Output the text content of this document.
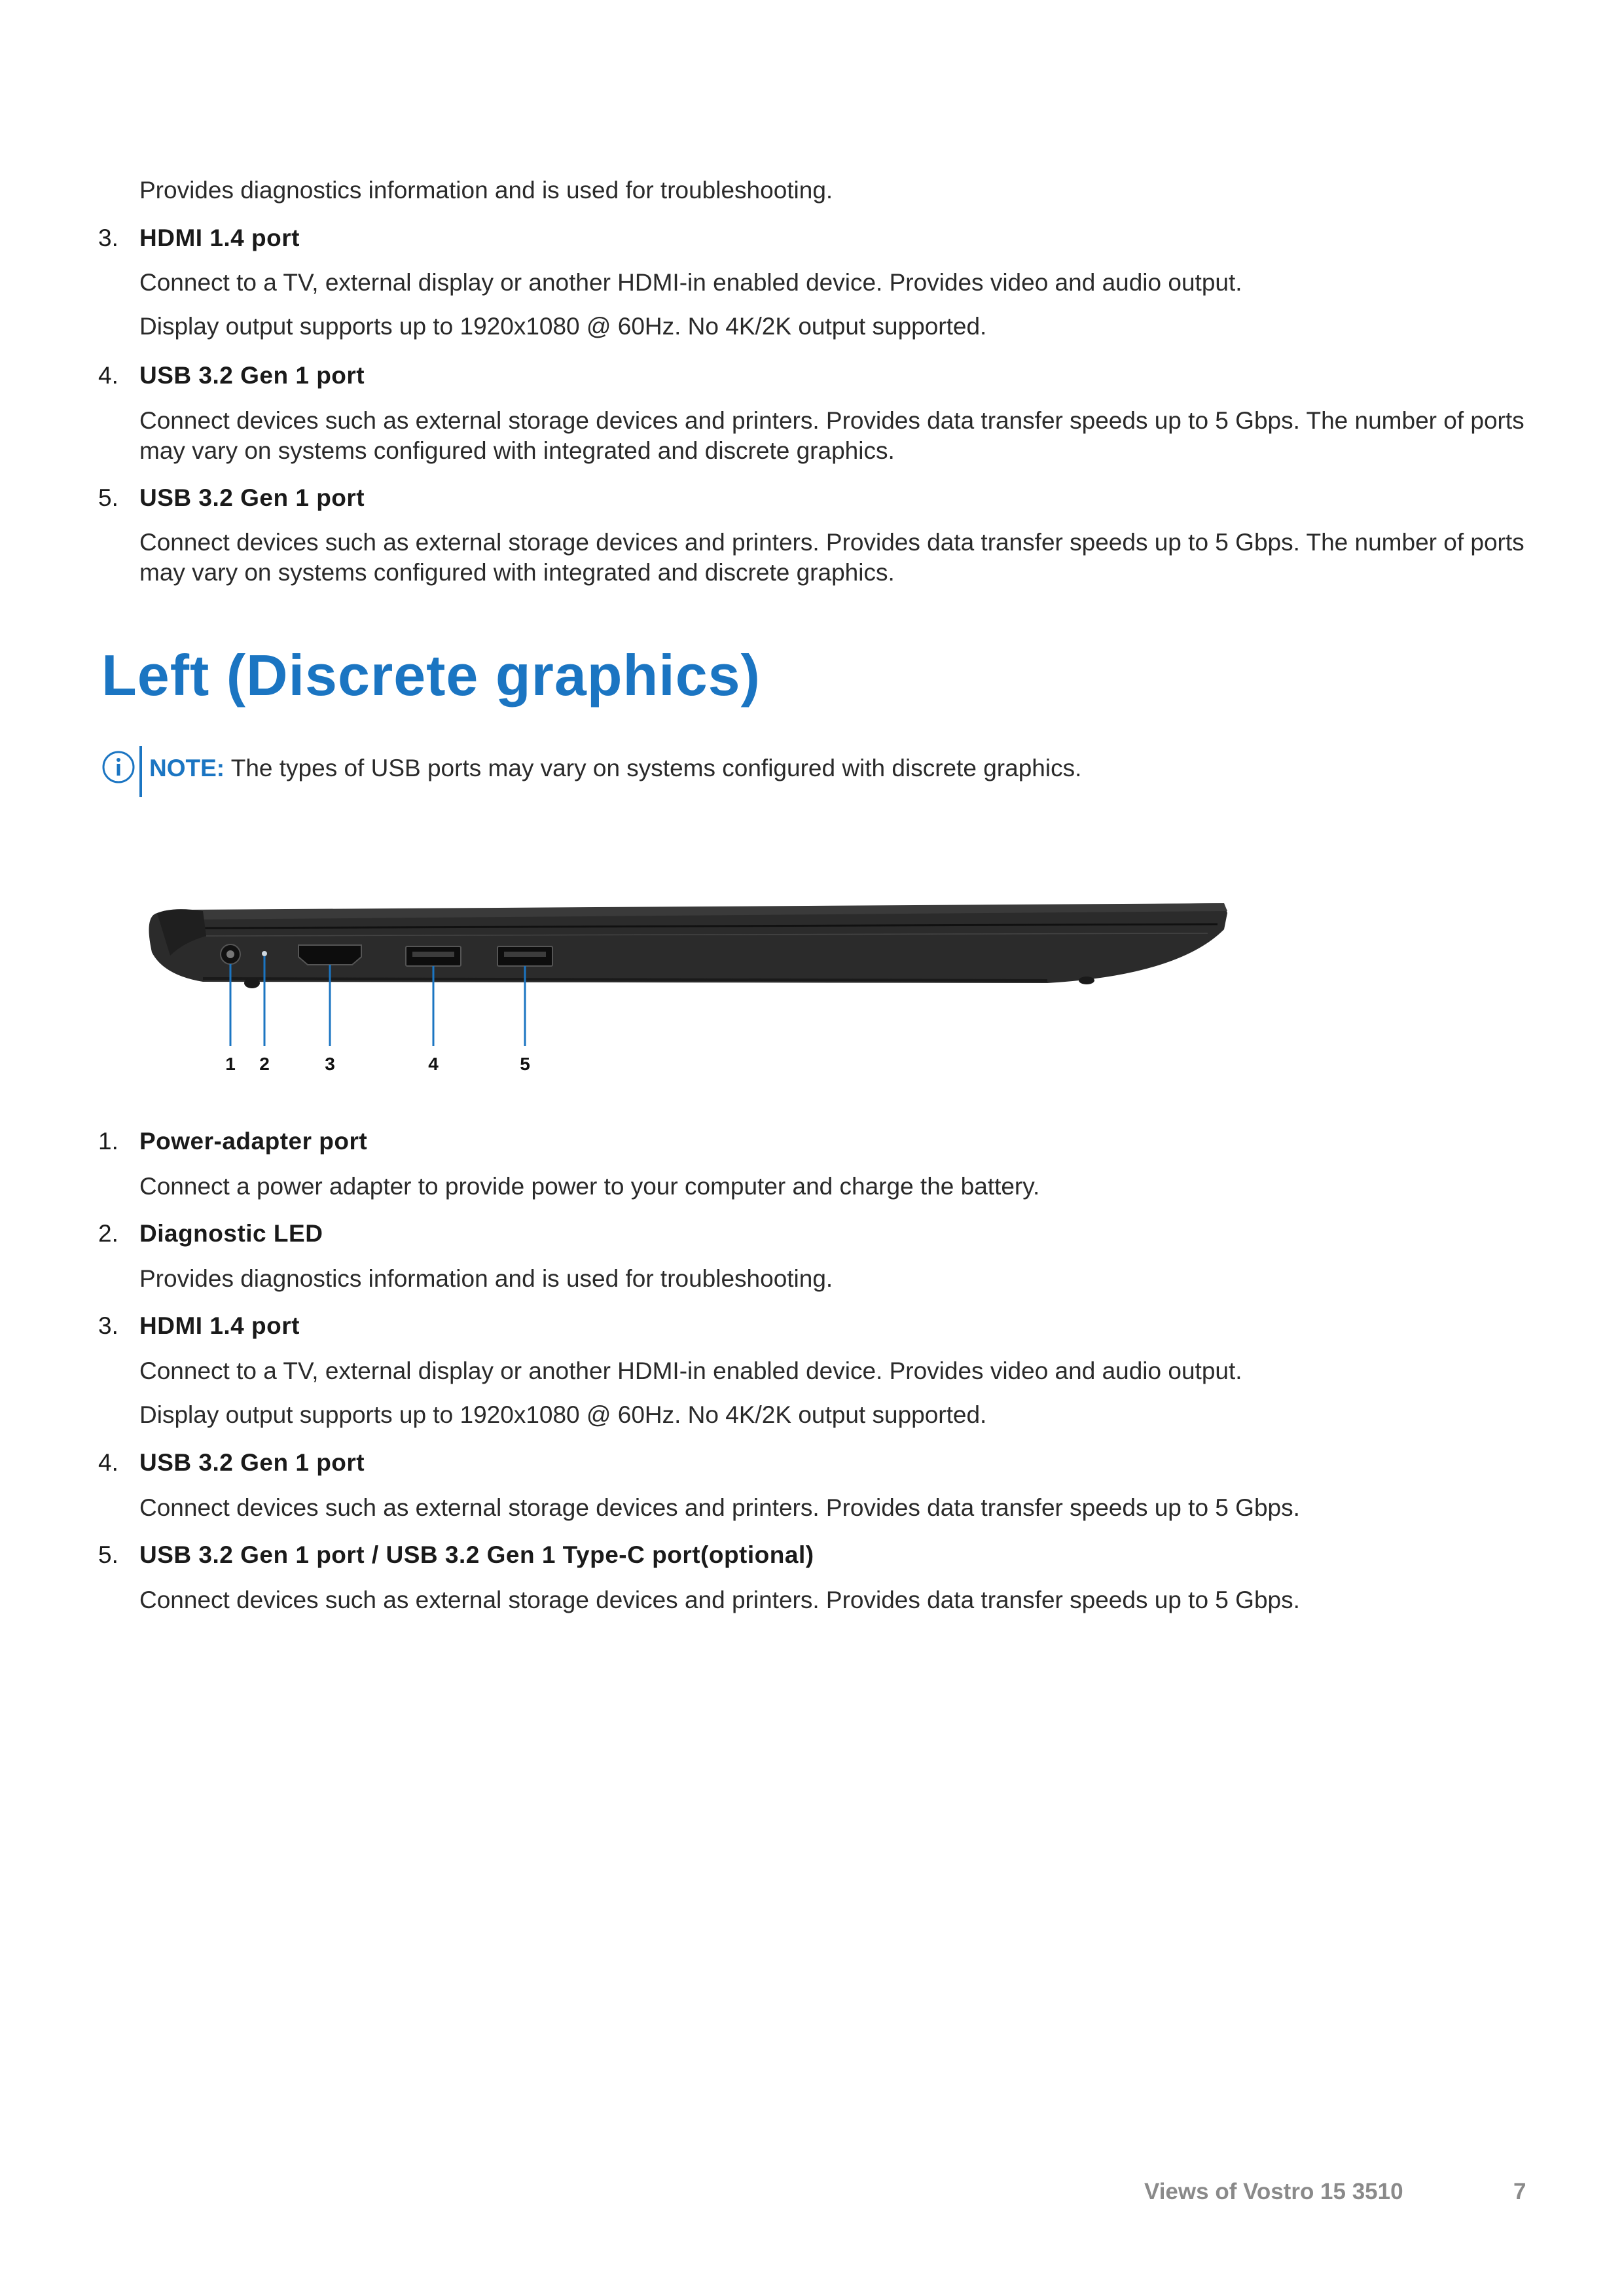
Provides diagnostics information and is used for troubleshooting.
3. HDMI 1.4 port
Connect to a TV, external display or another HDMI-in enabled device. Provides video and audio output.
Display output supports up to 1920x1080 @ 60Hz. No 4K/2K output supported.
4. USB 3.2 Gen 1 port
Connect devices such as external storage devices and printers. Provides data transfer speeds up to 5 Gbps. The number of ports may vary on systems configured with integrated and discrete graphics.
5. USB 3.2 Gen 1 port
Connect devices such as external storage devices and printers. Provides data transfer speeds up to 5 Gbps. The number of ports may vary on systems configured with integrated and discrete graphics.
Left (Discrete graphics)
NOTE: The types of USB ports may vary on systems configured with discrete graphics.
1 2	3	4	5
1. Power-adapter port
Connect a power adapter to provide power to your computer and charge the battery.
2. Diagnostic LED
Provides diagnostics information and is used for troubleshooting.
3. HDMI 1.4 port
Connect to a TV, external display or another HDMI-in enabled device. Provides video and audio output.
Display output supports up to 1920x1080 @ 60Hz. No 4K/2K output supported.
4. USB 3.2 Gen 1 port
Connect devices such as external storage devices and printers. Provides data transfer speeds up to 5 Gbps.
5. USB 3.2 Gen 1 port / USB 3.2 Gen 1 Type-C port(optional)
Connect devices such as external storage devices and printers. Provides data transfer speeds up to 5 Gbps.
Views of Vostro 15 3510	7
